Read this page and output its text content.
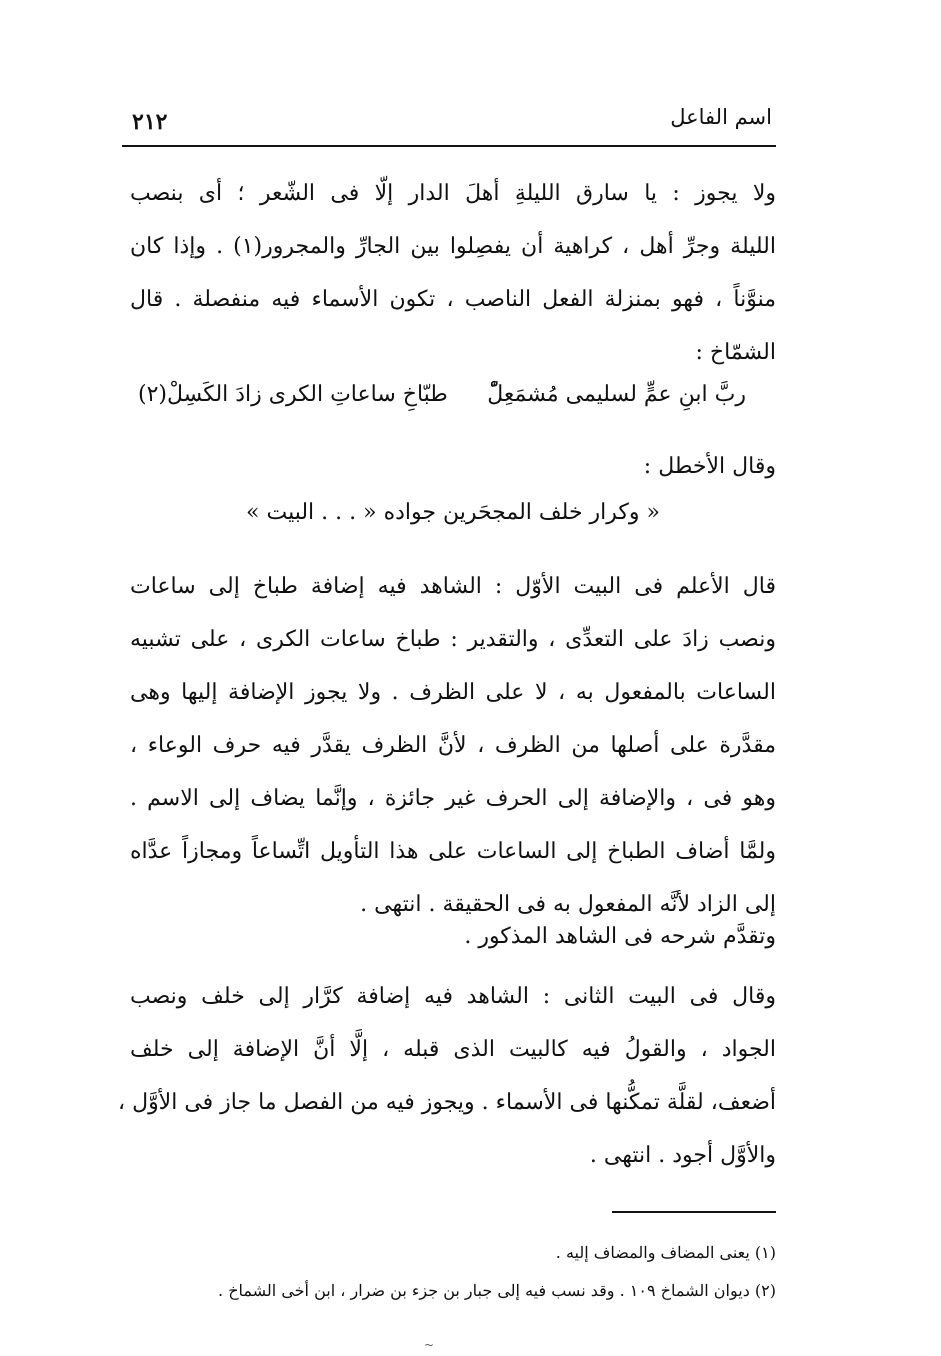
اسم الفاعل
٢١٢
ولا يجوز : يا سارق الليلةِ أهلَ الدار إلّا فى الشّعر ؛ أى بنصب
الليلة وجرِّ أهل ، كراهية أن يفصِلوا بين الجارِّ والمجرور(١) . وإذا كان
منوَّناً ، فهو بمنزلة الفعل الناصب ، تكون الأسماء فيه منفصلة . قال
الشمّاخ :
ربَّ ابنِ عمٍّ لسليمى مُشمَعِلّْ
طبّاخِ ساعاتِ الكرى زادَ الكَسِلْ(٢)
وقال الأخطل :
« وكرار خلف المجحَرين جواده « . . . البيت »
قال الأعلم فى البيت الأوّل : الشاهد فيه إضافة طباخ إلى ساعات
ونصب زادَ على التعدِّى ، والتقدير : طباخ ساعات الكرى ، على تشبيه
الساعات بالمفعول به ، لا على الظرف . ولا يجوز الإضافة إليها وهى
مقدَّرة على أصلها من الظرف ، لأنَّ الظرف يقدَّر فيه حرف الوعاء ،
وهو فى ، والإضافة إلى الحرف غير جائزة ، وإنَّما يضاف إلى الاسم .
ولمَّا أضاف الطباخ إلى الساعات على هذا التأويل اتِّساعاً ومجازاً عدَّاه
إلى الزاد لأنَّه المفعول به فى الحقيقة . انتهى .
وتقدَّم شرحه فى الشاهد المذكور .
وقال فى البيت الثانى : الشاهد فيه إضافة كرَّار إلى خلف ونصب
الجواد ، والقولُ فيه كالبيت الذى قبله ، إلَّا أنَّ الإضافة إلى خلف
أضعف، لقلَّة تمكُّنها فى الأسماء . ويجوز فيه من الفصل ما جاز فى الأوَّل ،
والأوَّل أجود . انتهى .
(١) يعنى المضاف والمضاف إليه .
(٢) ديوان الشماخ ١٠٩ . وقد نسب فيه إلى جبار بن جزء بن ضرار ، ابن أخى الشماخ .
~
